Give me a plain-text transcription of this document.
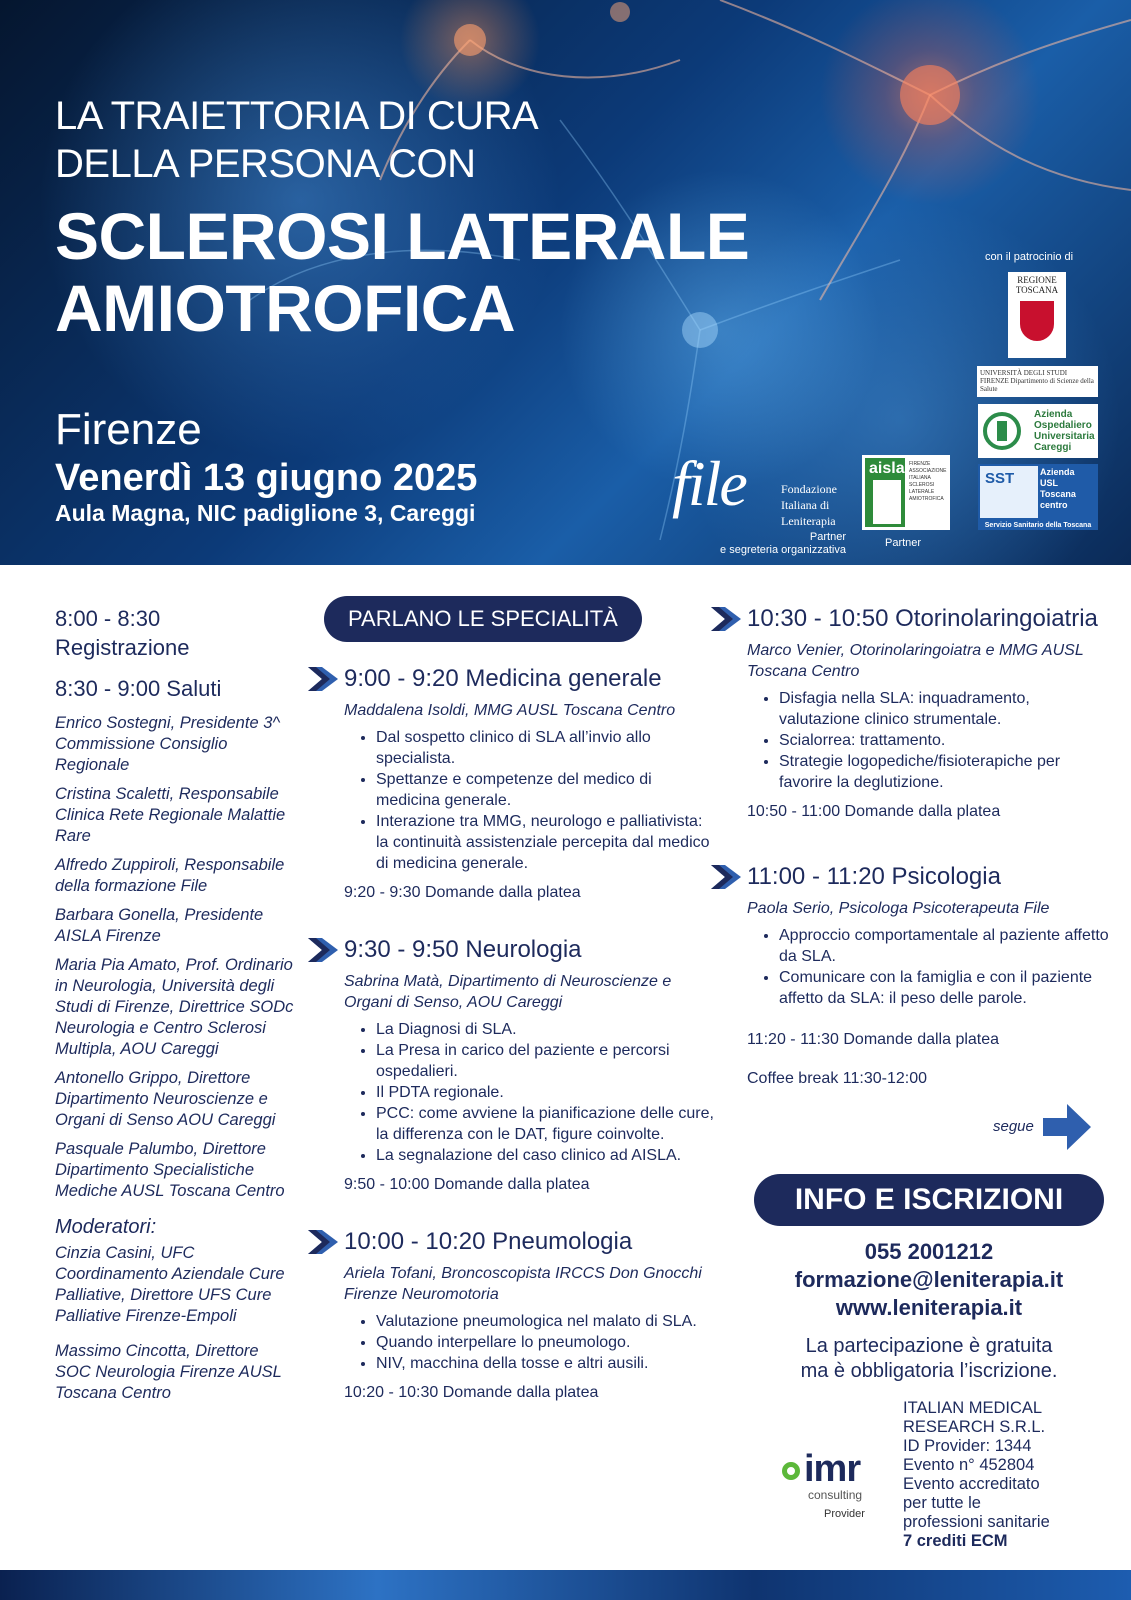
LA TRAIETTORIA DI CURA
DELLA PERSONA CON
SCLEROSI LATERALE
AMIOTROFICA
Firenze
Venerdì 13 giugno 2025
Aula Magna, NIC padiglione 3, Careggi
con il patrocinio di
REGIONE TOSCANA
UNIVERSITÀ DEGLI STUDI FIRENZE Dipartimento di Scienze della Salute
Azienda
Ospedaliero
Universitaria
Careggi
SST	Azienda
USL
Toscana
centro
Servizio Sanitario della Toscana
file	Fondazione
Italiana di
Leniterapia
Partner
e segreteria organizzativa
aisla FIRENZE ASSOCIAZIONE ITALIANA SCLEROSI LATERALE AMIOTROFICA
Partner
8:00 - 8:30
Registrazione
8:30 - 9:00 Saluti
Enrico Sostegni, Presidente 3^ Commissione Consiglio Regionale
Cristina Scaletti, Responsabile Clinica Rete Regionale Malattie Rare
Alfredo Zuppiroli, Responsabile della formazione File
Barbara Gonella, Presidente AISLA Firenze
Maria Pia Amato, Prof. Ordinario in Neurologia, Università degli Studi di Firenze, Direttrice SODc Neurologia e Centro Sclerosi Multipla, AOU Careggi
Antonello Grippo, Direttore Dipartimento Neuroscienze e Organi di Senso AOU Careggi
Pasquale Palumbo, Direttore Dipartimento Specialistiche Mediche AUSL Toscana Centro
Moderatori:
Cinzia Casini, UFC Coordinamento Aziendale Cure Palliative, Direttore UFS Cure Palliative Firenze-Empoli
Massimo Cincotta, Direttore SOC Neurologia Firenze AUSL Toscana Centro
PARLANO LE SPECIALITÀ
9:00 - 9:20 Medicina generale
Maddalena Isoldi, MMG AUSL Toscana Centro
• Dal sospetto clinico di SLA all’invio allo specialista.
• Spettanze e competenze del medico di medicina generale.
• Interazione tra MMG, neurologo e palliativista: la continuità assistenziale percepita dal medico di medicina generale.
9:20 - 9:30 Domande dalla platea
9:30 - 9:50 Neurologia
Sabrina Matà, Dipartimento di Neuroscienze e Organi di Senso, AOU Careggi
• La Diagnosi di SLA.
• La Presa in carico del paziente e percorsi ospedalieri.
• Il PDTA regionale.
• PCC: come avviene la pianificazione delle cure, la differenza con le DAT, figure coinvolte.
• La segnalazione del caso clinico ad AISLA.
9:50 - 10:00 Domande dalla platea
10:00 - 10:20 Pneumologia
Ariela Tofani, Broncoscopista IRCCS Don Gnocchi Firenze Neuromotoria
• Valutazione pneumologica nel malato di SLA.
• Quando interpellare lo pneumologo.
• NIV, macchina della tosse e altri ausili.
10:20 - 10:30 Domande dalla platea
10:30 - 10:50 Otorinolaringoiatria
Marco Venier, Otorinolaringoiatra e MMG AUSL Toscana Centro
• Disfagia nella SLA: inquadramento, valutazione clinico strumentale.
• Scialorrea: trattamento.
• Strategie logopediche/fisioterapiche per favorire la deglutizione.
10:50 - 11:00 Domande dalla platea
11:00 - 11:20 Psicologia
Paola Serio, Psicologa Psicoterapeuta File
• Approccio comportamentale al paziente affetto da SLA.
• Comunicare con la famiglia e con il paziente affetto da SLA: il peso delle parole.
11:20 - 11:30 Domande dalla platea
Coffee break 11:30-12:00
segue
INFO E ISCRIZIONI
055 2001212
formazione@leniterapia.it
www.leniterapia.it
La partecipazione è gratuita
ma è obbligatoria l’iscrizione.
imr
consulting
Provider
ITALIAN MEDICAL
RESEARCH S.R.L.
ID Provider: 1344
Evento n° 452804
Evento accreditato
per tutte le
professioni sanitarie
7 crediti ECM
